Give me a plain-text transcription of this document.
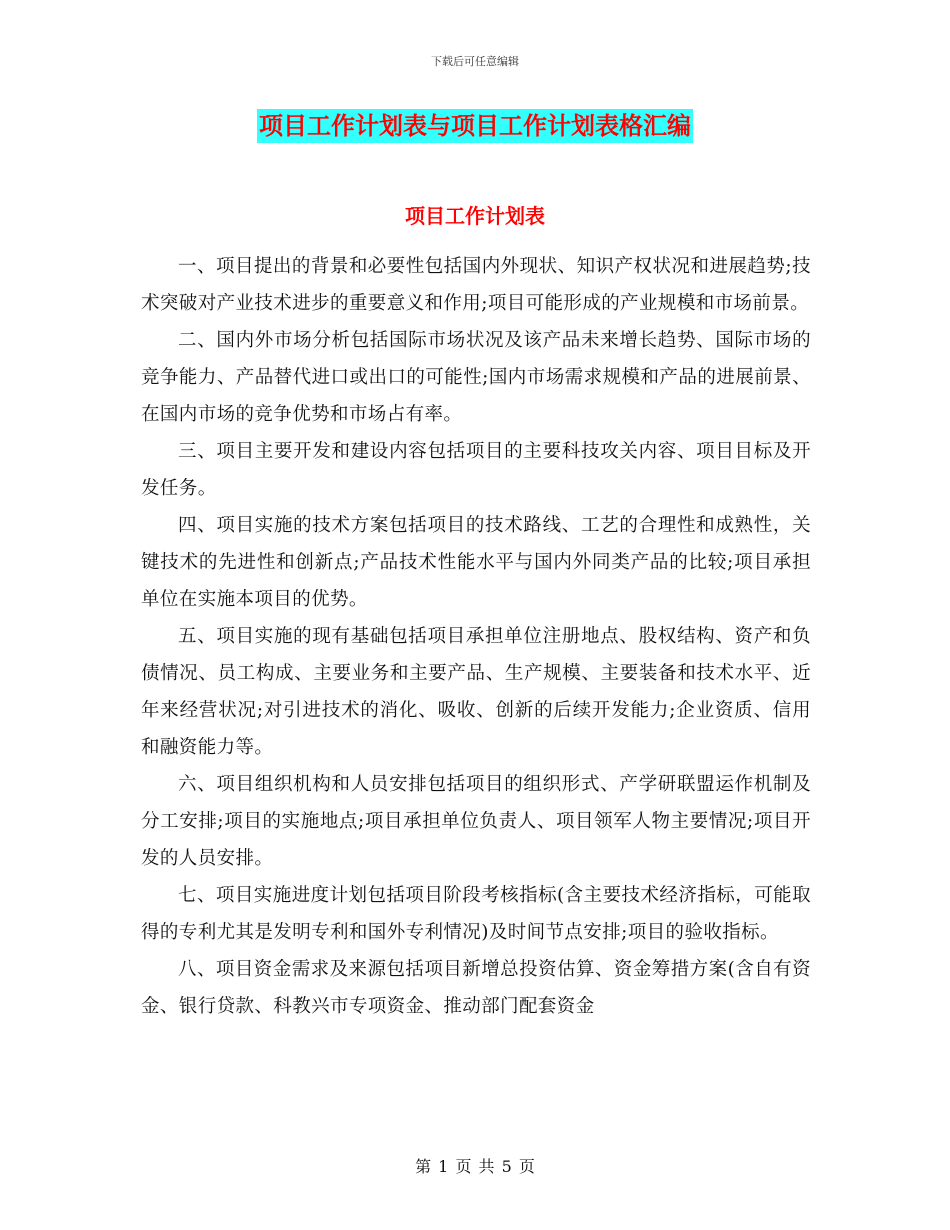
下载后可任意编辑
项目工作计划表与项目工作计划表格汇编
项目工作计划表

一、项目提出的背景和必要性包括国内外现状、知识产权状况和进展趋势;技术突破对产业技术进步的重要意义和作用;项目可能形成的产业规模和市场前景。

二、国内外市场分析包括国际市场状况及该产品未来增长趋势、国际市场的竞争能力、产品替代进口或出口的可能性;国内市场需求规模和产品的进展前景、在国内市场的竞争优势和市场占有率。

三、项目主要开发和建设内容包括项目的主要科技攻关内容、项目目标及开发任务。

四、项目实施的技术方案包括项目的技术路线、工艺的合理性和成熟性，关键技术的先进性和创新点;产品技术性能水平与国内外同类产品的比较;项目承担单位在实施本项目的优势。

五、项目实施的现有基础包括项目承担单位注册地点、股权结构、资产和负债情况、员工构成、主要业务和主要产品、生产规模、主要装备和技术水平、近年来经营状况;对引进技术的消化、吸收、创新的后续开发能力;企业资质、信用和融资能力等。

六、项目组织机构和人员安排包括项目的组织形式、产学研联盟运作机制及分工安排;项目的实施地点;项目承担单位负责人、项目领军人物主要情况;项目开发的人员安排。

七、项目实施进度计划包括项目阶段考核指标(含主要技术经济指标，可能取得的专利尤其是发明专利和国外专利情况)及时间节点安排;项目的验收指标。

八、项目资金需求及来源包括项目新增总投资估算、资金筹措方案(含自有资金、银行贷款、科教兴市专项资金、推动部门配套资金

第 1 页 共 5 页
